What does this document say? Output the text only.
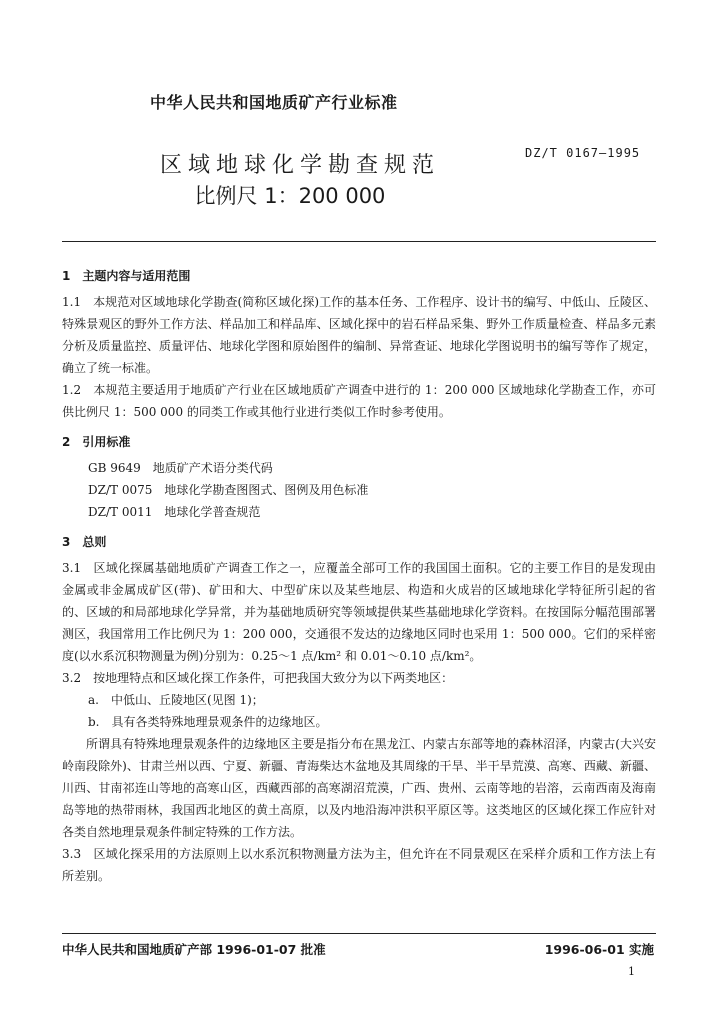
中华人民共和国地质矿产行业标准
DZ/T 0167—1995
区域地球化学勘查规范
比例尺 1：200 000

1　主题内容与适用范围

1.1　本规范对区域地球化学勘查(简称区域化探)工作的基本任务、工作程序、设计书的编写、中低山、丘陵区、特殊景观区的野外工作方法、样品加工和样品库、区域化探中的岩石样品采集、野外工作质量检查、样品多元素分析及质量监控、质量评估、地球化学图和原始图件的编制、异常查证、地球化学图说明书的编写等作了规定，确立了统一标准。

1.2　本规范主要适用于地质矿产行业在区域地质矿产调查中进行的 1：200 000 区域地球化学勘查工作，亦可供比例尺 1：500 000 的同类工作或其他行业进行类似工作时参考使用。

2　引用标准

GB 9649　地质矿产术语分类代码

DZ/T 0075　地球化学勘查图图式、图例及用色标准

DZ/T 0011　地球化学普查规范

3　总则

3.1　区域化探属基础地质矿产调查工作之一，应覆盖全部可工作的我国国土面积。它的主要工作目的是发现由金属或非金属成矿区(带)、矿田和大、中型矿床以及某些地层、构造和火成岩的区域地球化学特征所引起的省的、区域的和局部地球化学异常，并为基础地质研究等领域提供某些基础地球化学资料。在按国际分幅范围部署测区，我国常用工作比例尺为 1：200 000，交通很不发达的边缘地区同时也采用 1：500 000。它们的采样密度(以水系沉积物测量为例)分别为：0.25～1 点/km² 和 0.01～0.10 点/km²。

3.2　按地理特点和区域化探工作条件，可把我国大致分为以下两类地区：

a.　中低山、丘陵地区(见图 1)；

b.　具有各类特殊地理景观条件的边缘地区。

所谓具有特殊地理景观条件的边缘地区主要是指分布在黑龙江、内蒙古东部等地的森林沼泽，内蒙古(大兴安岭南段除外)、甘肃兰州以西、宁夏、新疆、青海柴达木盆地及其周缘的干旱、半干旱荒漠、高寒、西藏、新疆、川西、甘南祁连山等地的高寒山区，西藏西部的高寒湖沼荒漠，广西、贵州、云南等地的岩溶，云南西南及海南岛等地的热带雨林，我国西北地区的黄土高原，以及内地沿海冲洪积平原区等。这类地区的区域化探工作应针对各类自然地理景观条件制定特殊的工作方法。

3.3　区域化探采用的方法原则上以水系沉积物测量方法为主，但允许在不同景观区在采样介质和工作方法上有所差别。

中华人民共和国地质矿产部 1996-01-07 批准	1996-06-01 实施
1
